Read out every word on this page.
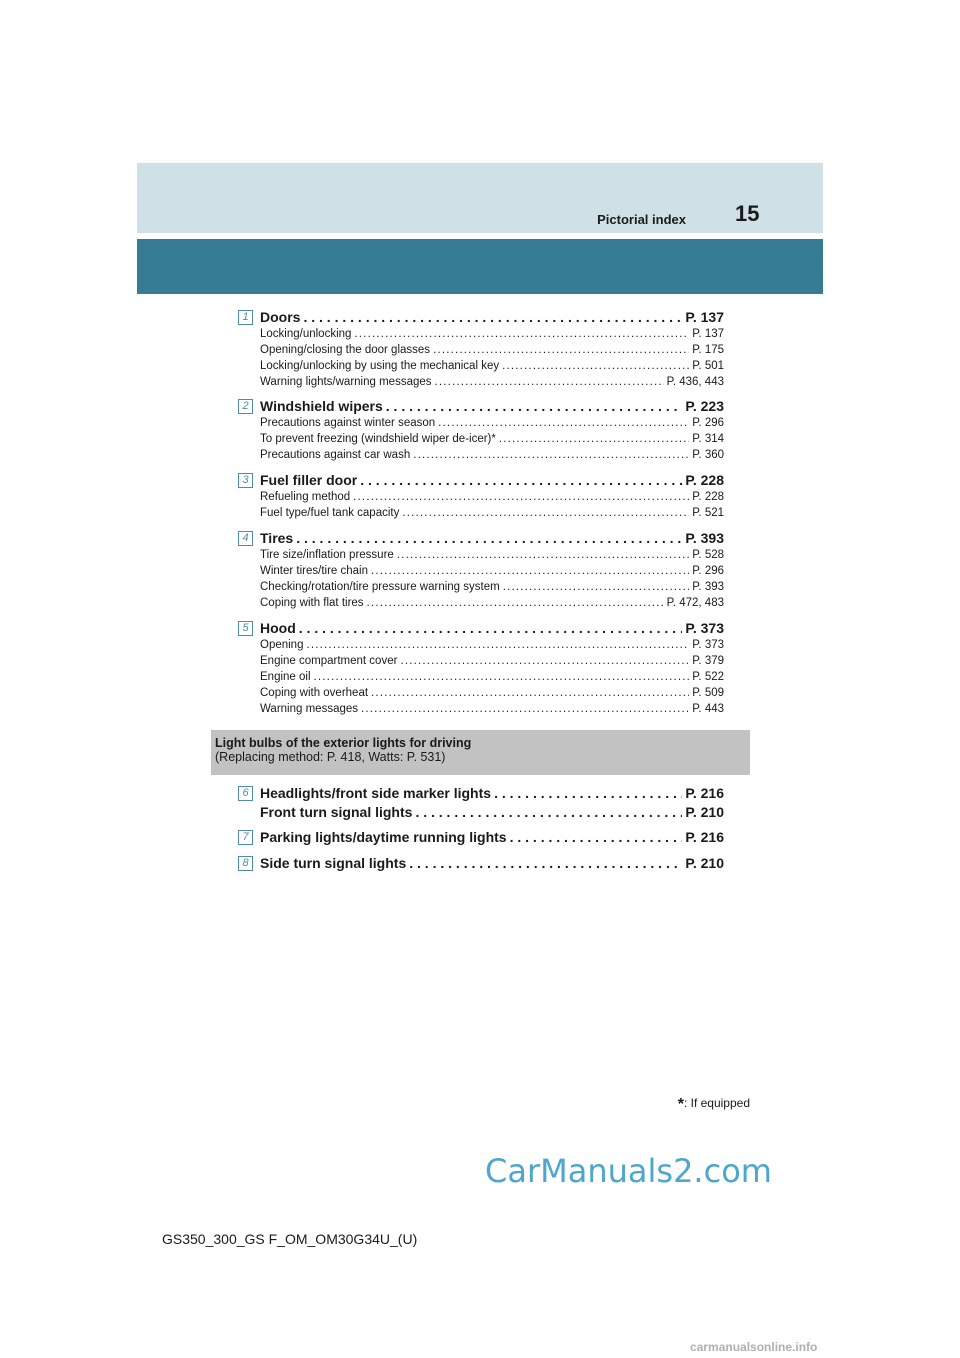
Pictorial index 15
1 Doors . . .	P. 137
Locking/unlocking . . .	P. 137
Opening/closing the door glasses . . .	P. 175
Locking/unlocking by using the mechanical key . . .	P. 501
Warning lights/warning messages . . .	P. 436, 443
2 Windshield wipers . . .	P. 223
Precautions against winter season . . .	P. 296
To prevent freezing (windshield wiper de-icer)* . . .	P. 314
Precautions against car wash . . .	P. 360
3 Fuel filler door . . .	P. 228
Refueling method . . .	P. 228
Fuel type/fuel tank capacity . . .	P. 521
4 Tires . . .	P. 393
Tire size/inflation pressure . . .	P. 528
Winter tires/tire chain . . .	P. 296
Checking/rotation/tire pressure warning system . . .	P. 393
Coping with flat tires . . .	P. 472, 483
5 Hood . . .	P. 373
Opening . . .	P. 373
Engine compartment cover . . .	P. 379
Engine oil . . .	P. 522
Coping with overheat . . .	P. 509
Warning messages . . .	P. 443
Light bulbs of the exterior lights for driving
(Replacing method: P. 418, Watts: P. 531)
6 Headlights/front side marker lights . . .	P. 216
Front turn signal lights . . .	P. 210
7 Parking lights/daytime running lights . . .	P. 216
8 Side turn signal lights . . .	P. 210
*: If equipped
CarManuals2.com
GS350_300_GS F_OM_OM30G34U_(U)
carmanualsonline.info
